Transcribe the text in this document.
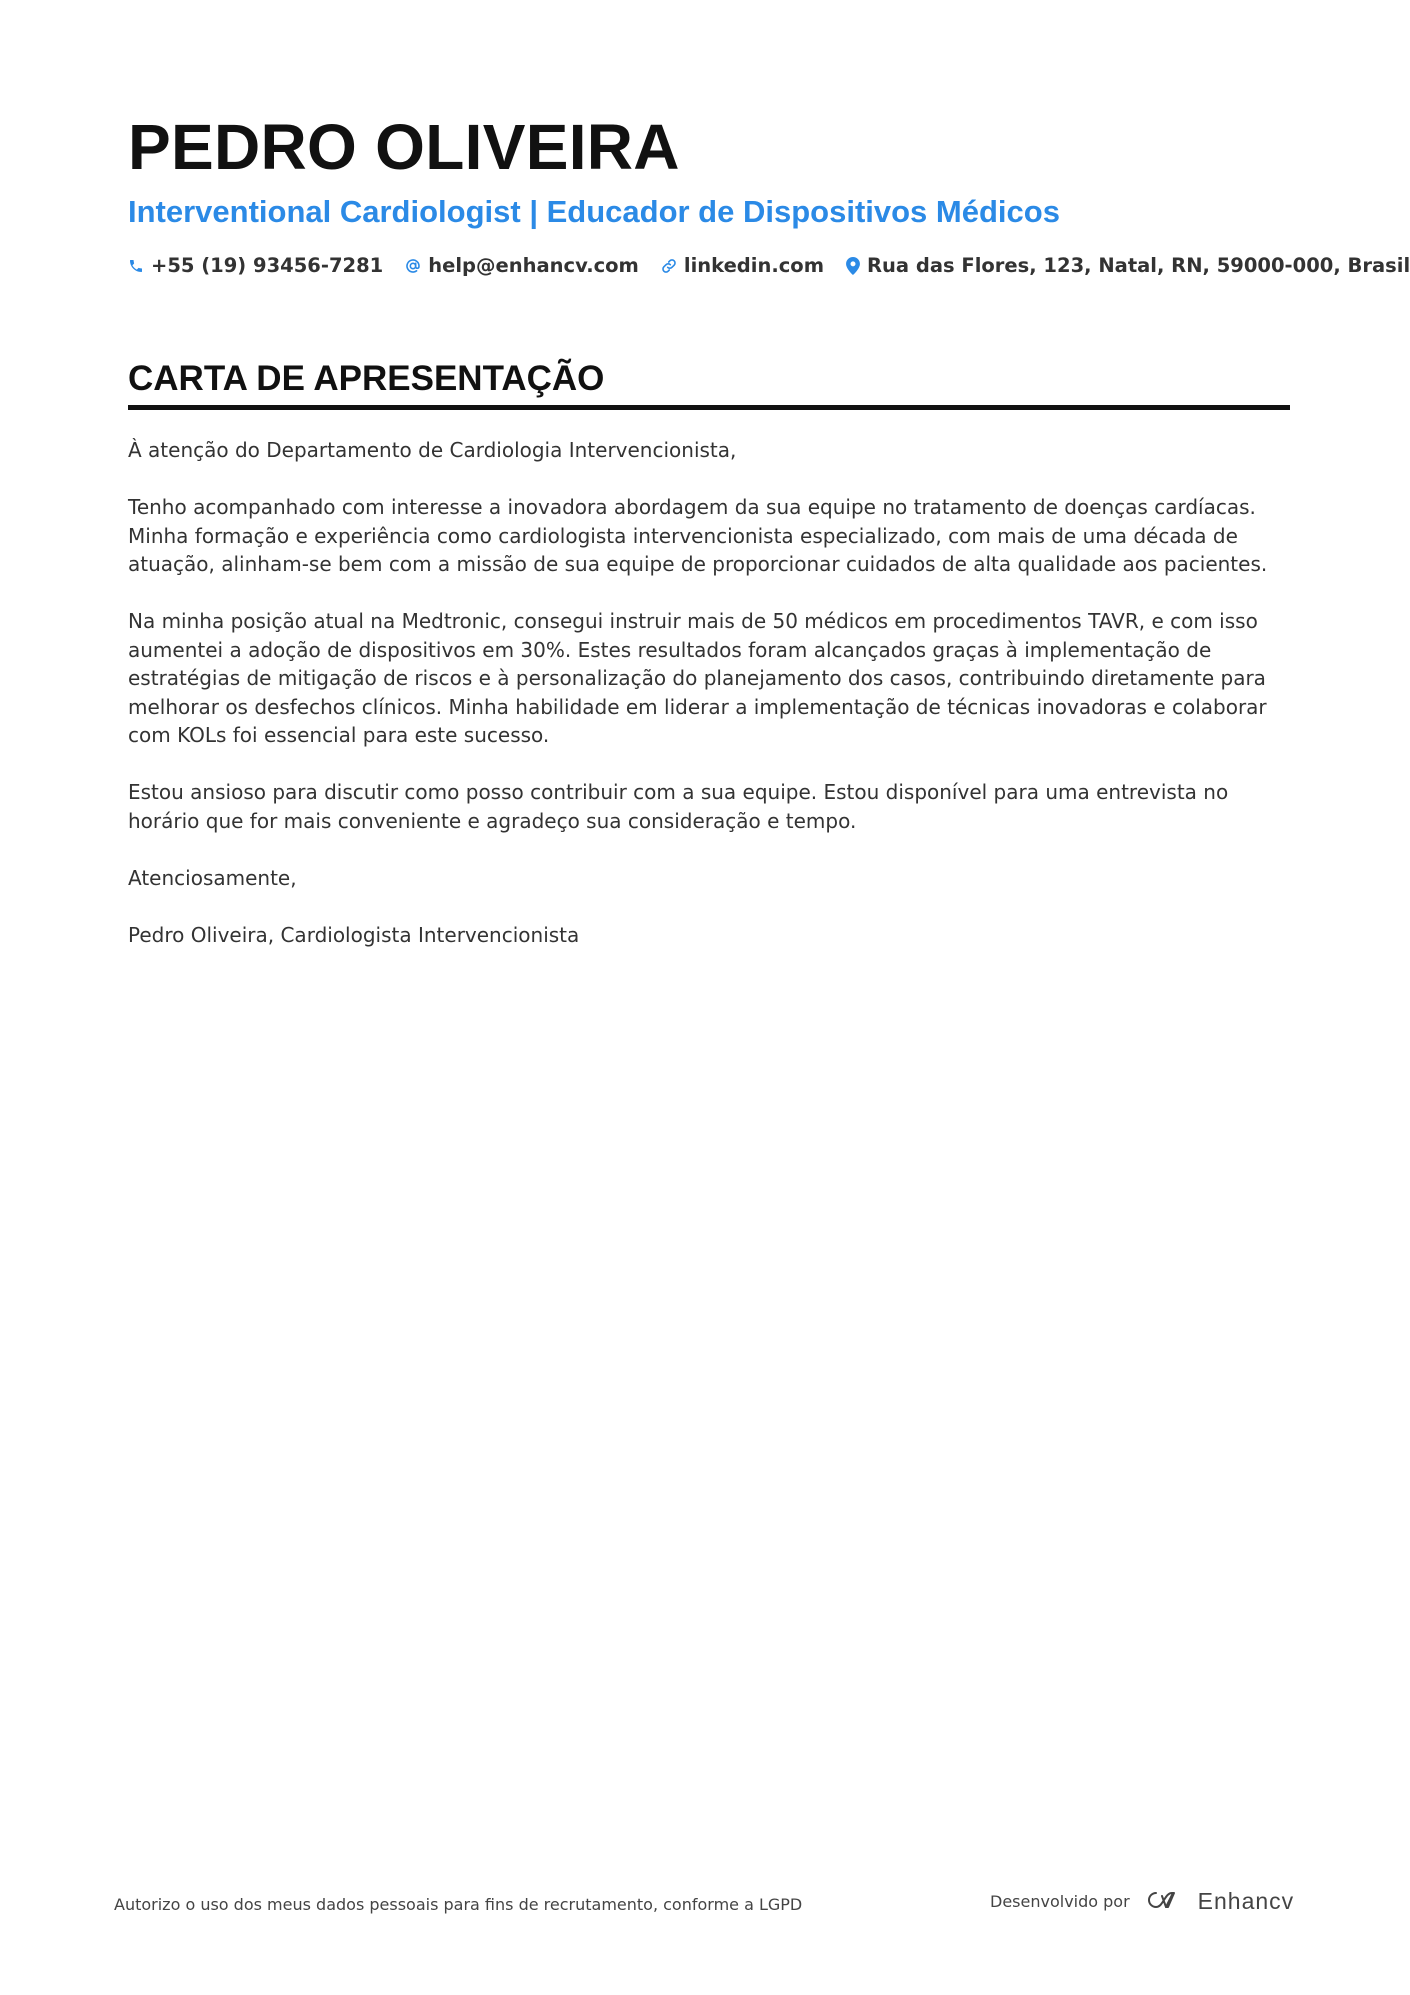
PEDRO OLIVEIRA
Interventional Cardiologist | Educador de Dispositivos Médicos
+55 (19) 93456-7281 help@enhancv.com linkedin.com Rua das Flores, 123, Natal, RN, 59000-000, Brasil
CARTA DE APRESENTAÇÃO

À atenção do Departamento de Cardiologia Intervencionista,

Tenho acompanhado com interesse a inovadora abordagem da sua equipe no tratamento de doenças cardíacas. Minha formação e experiência como cardiologista intervencionista especializado, com mais de uma década de atuação, alinham-se bem com a missão de sua equipe de proporcionar cuidados de alta qualidade aos pacientes.

Na minha posição atual na Medtronic, consegui instruir mais de 50 médicos em procedimentos TAVR, e com isso aumentei a adoção de dispositivos em 30%. Estes resultados foram alcançados graças à implementação de estratégias de mitigação de riscos e à personalização do planejamento dos casos, contribuindo diretamente para melhorar os desfechos clínicos. Minha habilidade em liderar a implementação de técnicas inovadoras e colaborar com KOLs foi essencial para este sucesso.

Estou ansioso para discutir como posso contribuir com a sua equipe. Estou disponível para uma entrevista no horário que for mais conveniente e agradeço sua consideração e tempo.

Atenciosamente,

Pedro Oliveira, Cardiologista Intervencionista

Autorizo o uso dos meus dados pessoais para fins de recrutamento, conforme a LGPD	Desenvolvido por	Enhancv
